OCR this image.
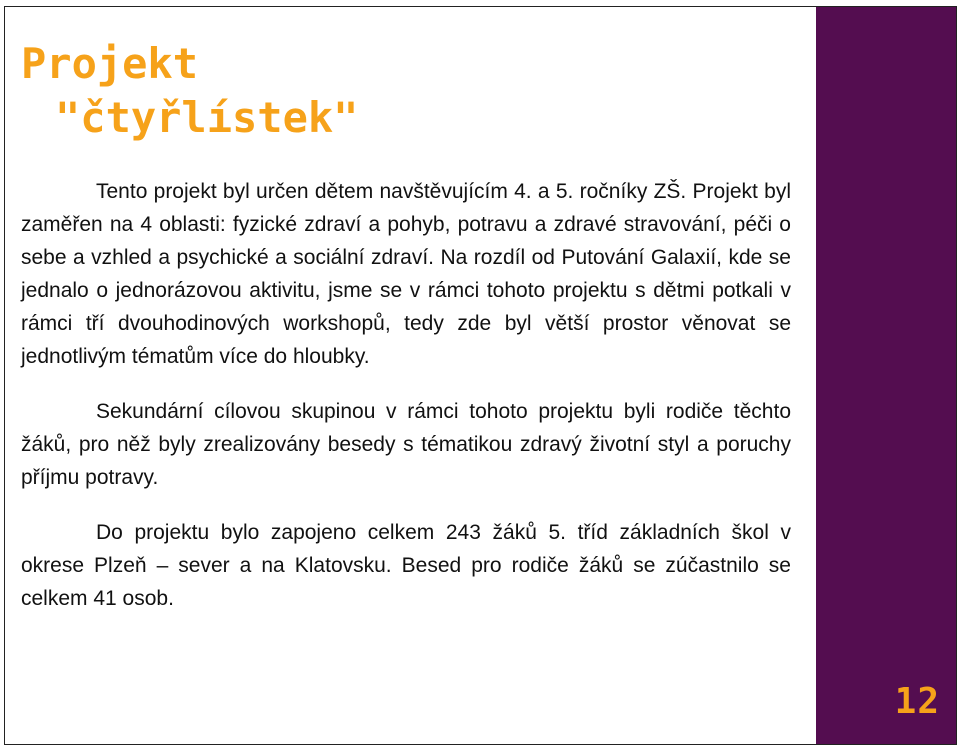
Projekt
"čtyřlístek"

Tento projekt byl určen dětem navštěvujícím 4. a 5. ročníky ZŠ. Projekt byl zaměřen na 4 oblasti: fyzické zdraví a pohyb, potravu a zdravé stravování, péči o sebe a vzhled a psychické a sociální zdraví. Na rozdíl od Putování Galaxií, kde se jednalo o jednorázovou aktivitu, jsme se v rámci tohoto projektu s dětmi potkali v rámci tří dvouhodinových workshopů, tedy zde byl větší prostor věnovat se jednotlivým tématům více do hloubky.

Sekundární cílovou skupinou v rámci tohoto projektu byli rodiče těchto žáků, pro něž byly zrealizovány besedy s tématikou zdravý životní styl a poruchy příjmu potravy.

Do projektu bylo zapojeno celkem 243 žáků 5. tříd základních škol v okrese Plzeň – sever a na Klatovsku. Besed pro rodiče žáků se zúčastnilo se celkem 41 osob.

12
